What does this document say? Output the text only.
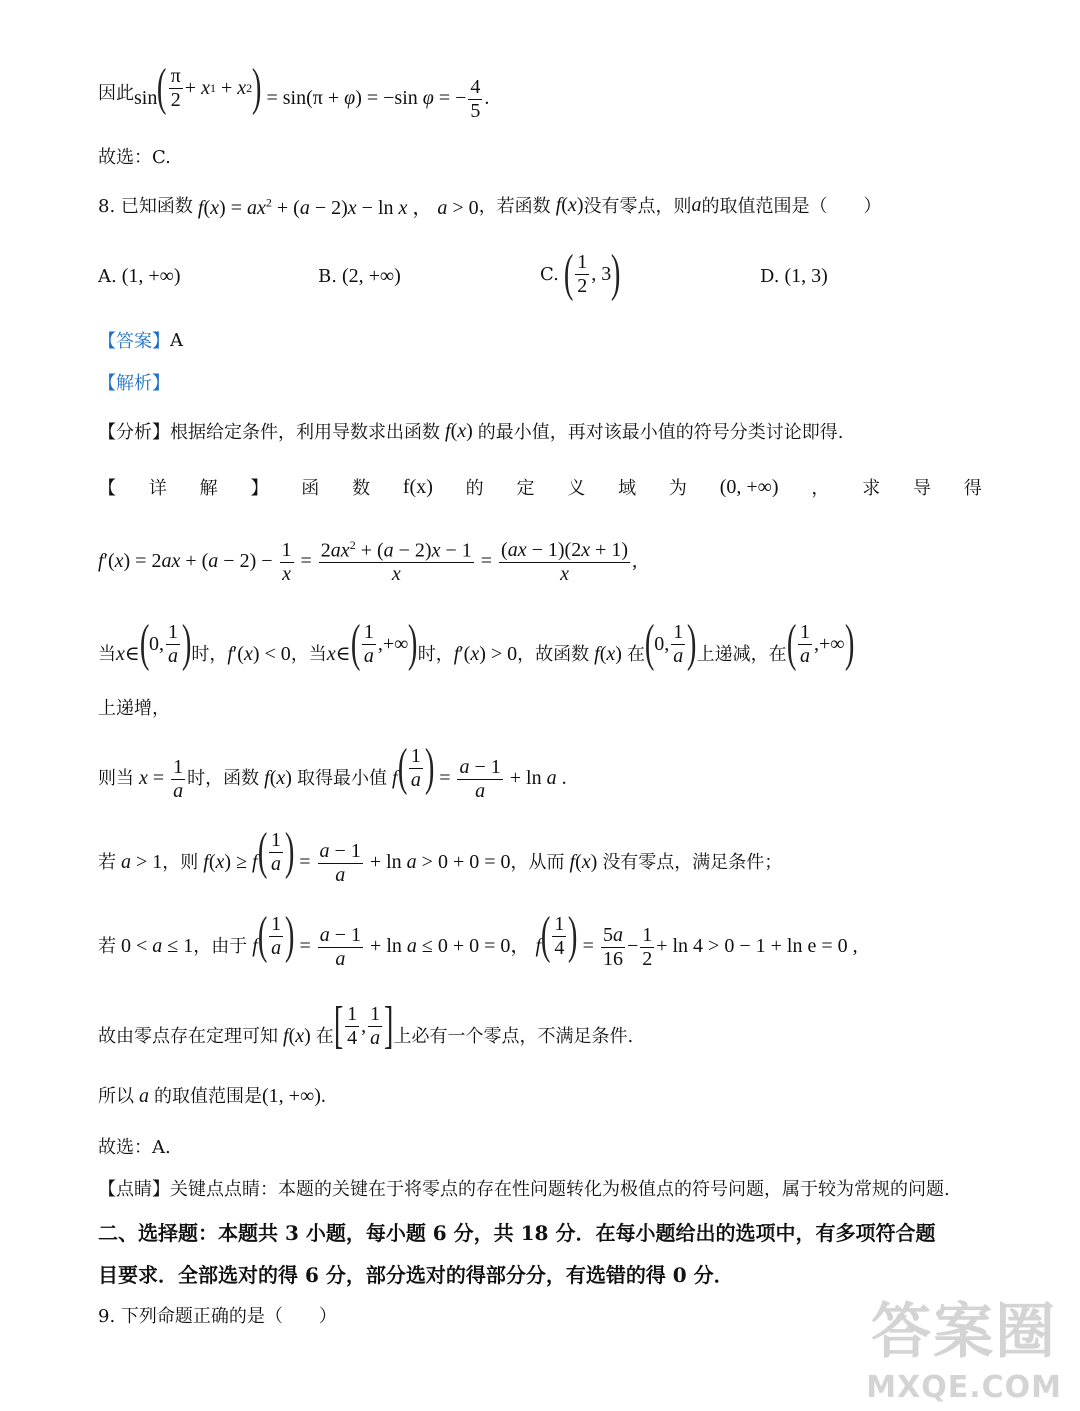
因此 sin ( $\frac{\pi}{2} + x$ 1 + x 2 ) = sin(π + φ) = −sin φ = − $\frac{4}{5}$ .
故选：C.
8. 已知函数 $f(x) = ax^2 + (a - 2)x - \ln x$ ， a > 0 ，若函数 f(x) 没有零点，则 a 的取值范围是（　　）
A. (1, +∞)	B. (2, +∞)	C.
( $\frac{1}{2}$ , 3 )	D. (1, 3)
【答案】 A
【解析】
【分析】 根据给定条件，利用导数求出函数 f(x) 的最小值，再对该最小值的符号分类讨论即得.
【 详 解 】 函 数 f(x) 的 定 义 域 为 (0, +∞) ， 求 导 得
$f'(x) = 2ax + (a - 2) - \frac{1}{x} = \frac{2ax^2 + (a - 2)x - 1}{x} = \frac{(ax - 1)(2x + 1)}{x}$ ,
当x∈ ( 0, $\frac{1}{a}$ ) 时，f′(x) < 0，当x∈ ( $\frac{1}{a}$ ,+∞ ) 时，f′(x) > 0，故函数 f(x) 在 ( 0, $\frac{1}{a}$ ) 上递减，在 ( $\frac{1}{a}$ ,+∞ )
上递增，
则当 $x = \frac{1}{a}$ 时，函数 f(x) 取得最小值 f ( $\frac{1}{a}$ ) = $\frac{a - 1}{a} + \ln a$ .
若 a > 1，则 f(x) ≥ f ( $\frac{1}{a}$ ) = $\frac{a - 1}{a} + \ln a > 0 + 0 = 0$，从而 f(x) 没有零点，满足条件；
若 0 < a ≤ 1，由于 f ( $\frac{1}{a}$ ) = $\frac{a - 1}{a} + \ln a \le 0 + 0 = 0$， f ( $\frac{1}{4}$ ) = $\frac{5a}{16} - \frac{1}{2} + \ln 4 > 0 - 1 + \ln e = 0$ ,
故由零点存在定理可知 f(x) 在 [ $\frac{1}{4}$ , $\frac{1}{a}$ ] 上必有一个零点，不满足条件.
所以 a 的取值范围是(1, +∞).
故选：A.
【点睛】 关键点点睛：本题的关键在于将零点的存在性问题转化为极值点的符号问题，属于较为常规的问题.
二、选择题：本题共 3 小题，每小题 6 分，共 18 分．在每小题给出的选项中，有多项符合题
目要求．全部选对的得 6 分，部分选对的得部分分，有选错的得 0 分．
9. 下列命题正确的是（　　）	答案圈
MXQE.COM
